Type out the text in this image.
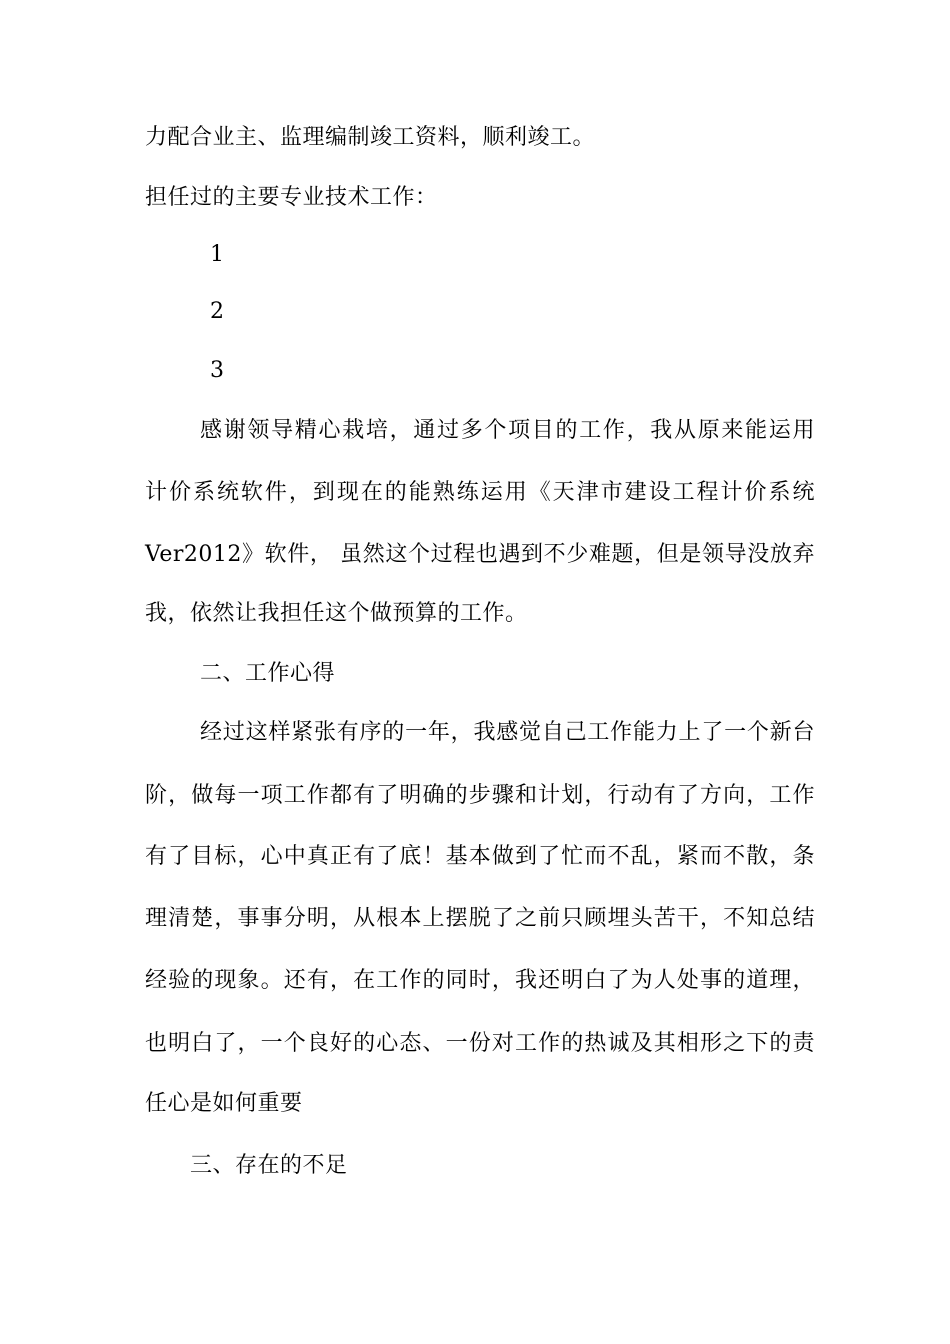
力配合业主、监理编制竣工资料，顺利竣工。
担任过的主要专业技术工作：
1
2
3
感谢领导精心栽培，通过多个项目的工作，我从原来能运用
计价系统软件，到现在的能熟练运用《天津市建设工程计价系统
Ver2012》软件， 虽然这个过程也遇到不少难题，但是领导没放弃
我，依然让我担任这个做预算的工作。
二、工作心得
经过这样紧张有序的一年，我感觉自己工作能力上了一个新台
阶，做每一项工作都有了明确的步骤和计划，行动有了方向，工作
有了目标，心中真正有了底！基本做到了忙而不乱，紧而不散，条
理清楚，事事分明，从根本上摆脱了之前只顾埋头苦干，不知总结
经验的现象。还有，在工作的同时，我还明白了为人处事的道理，
也明白了，一个良好的心态、一份对工作的热诚及其相形之下的责
任心是如何重要
三、存在的不足
